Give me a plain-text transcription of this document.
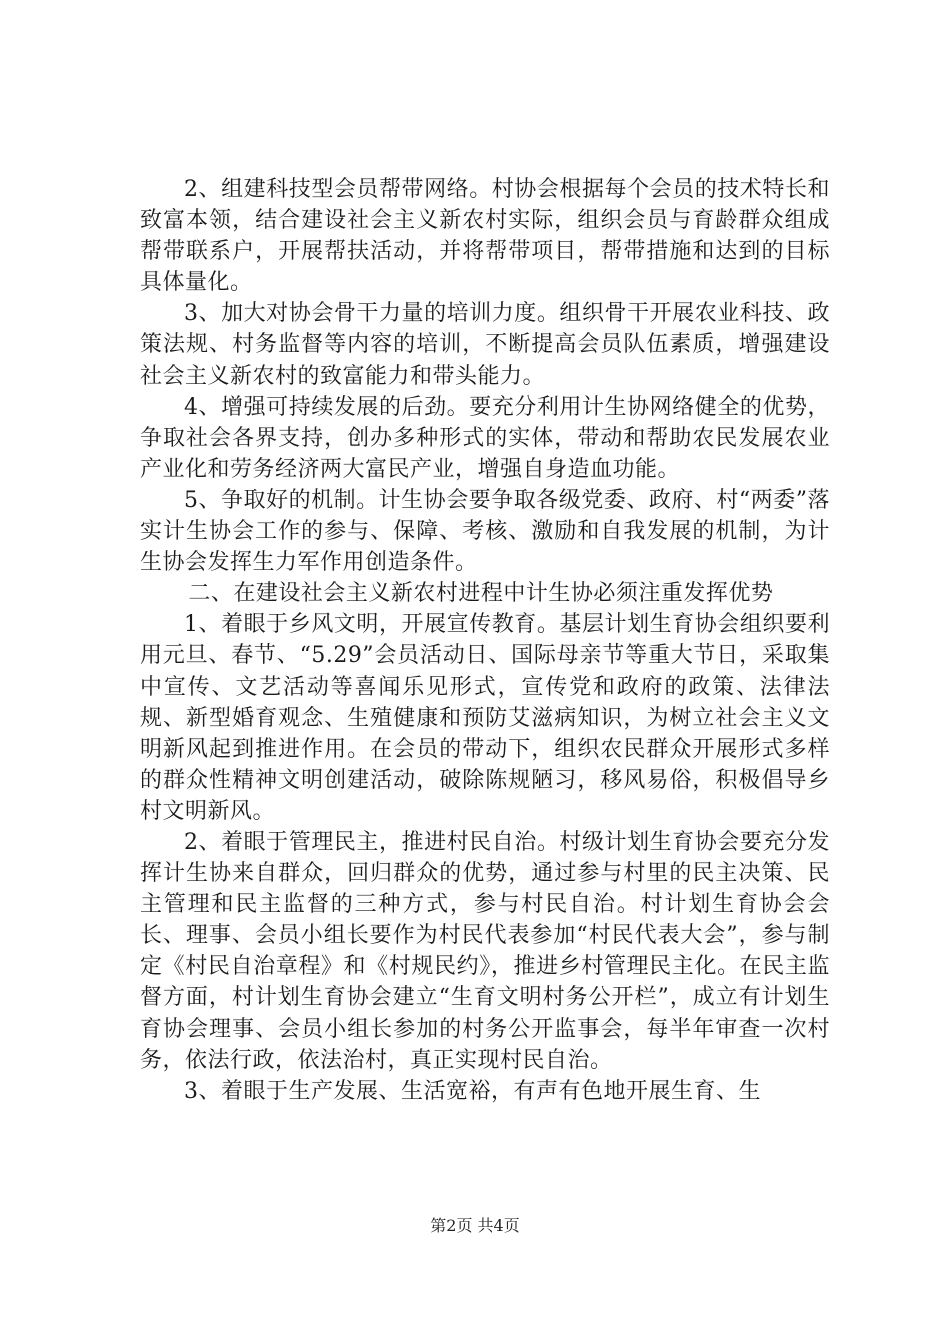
2、组建科技型会员帮带网络。村协会根据每个会员的技术特长和致富本领，结合建设社会主义新农村实际，组织会员与育龄群众组成帮带联系户，开展帮扶活动，并将帮带项目，帮带措施和达到的目标具体量化。

3、加大对协会骨干力量的培训力度。组织骨干开展农业科技、政策法规、村务监督等内容的培训，不断提高会员队伍素质，增强建设社会主义新农村的致富能力和带头能力。

4、增强可持续发展的后劲。要充分利用计生协网络健全的优势，争取社会各界支持，创办多种形式的实体，带动和帮助农民发展农业产业化和劳务经济两大富民产业，增强自身造血功能。

5、争取好的机制。计生协会要争取各级党委、政府、村“两委”落实计生协会工作的参与、保障、考核、激励和自我发展的机制，为计生协会发挥生力军作用创造条件。

二、在建设社会主义新农村进程中计生协必须注重发挥优势

1、着眼于乡风文明，开展宣传教育。基层计划生育协会组织要利用元旦、春节、“5.29”会员活动日、国际母亲节等重大节日，采取集中宣传、文艺活动等喜闻乐见形式，宣传党和政府的政策、法律法规、新型婚育观念、生殖健康和预防艾滋病知识，为树立社会主义文明新风起到推进作用。在会员的带动下，组织农民群众开展形式多样的群众性精神文明创建活动，破除陈规陋习，移风易俗，积极倡导乡村文明新风。

2、着眼于管理民主，推进村民自治。村级计划生育协会要充分发挥计生协来自群众，回归群众的优势，通过参与村里的民主决策、民主管理和民主监督的三种方式，参与村民自治。村计划生育协会会长、理事、会员小组长要作为村民代表参加“村民代表大会”，参与制定《村民自治章程》和《村规民约》，推进乡村管理民主化。在民主监督方面，村计划生育协会建立“生育文明村务公开栏”，成立有计划生育协会理事、会员小组长参加的村务公开监事会，每半年审查一次村务，依法行政，依法治村，真正实现村民自治。

3、着眼于生产发展、生活宽裕，有声有色地开展生育、生

第2页 共4页
